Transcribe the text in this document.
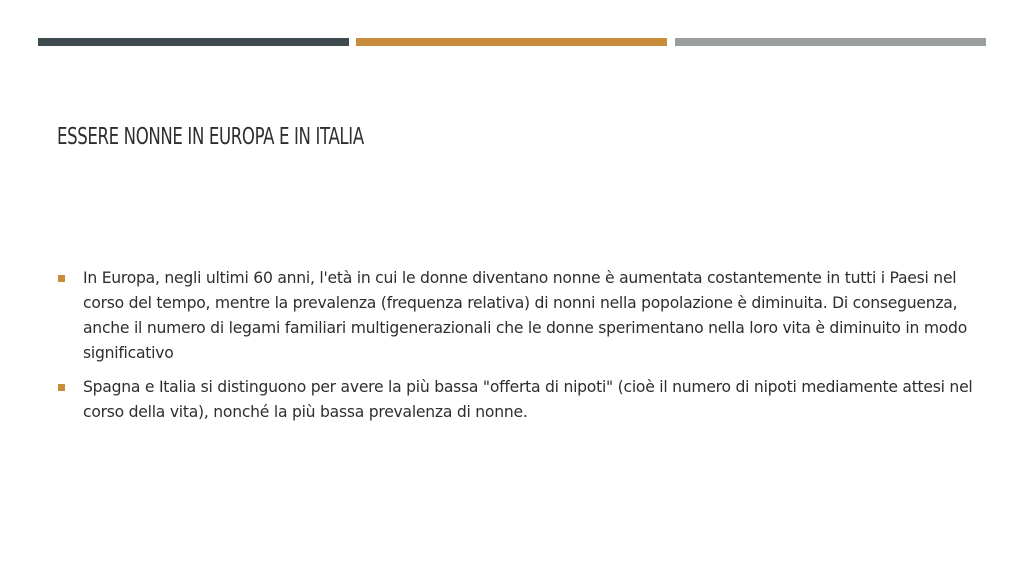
ESSERE NONNE IN EUROPA E IN ITALIA
In Europa, negli ultimi 60 anni, l'età in cui le donne diventano nonne è aumentata costantemente in tutti i Paesi nel corso del tempo, mentre la prevalenza (frequenza relativa) di nonni nella popolazione è diminuita. Di conseguenza, anche il numero di legami familiari multigenerazionali che le donne sperimentano nella loro vita è diminuito in modo significativo
Spagna e Italia si distinguono per avere la più bassa "offerta di nipoti" (cioè il numero di nipoti mediamente attesi nel corso della vita), nonché la più bassa prevalenza di nonne.
